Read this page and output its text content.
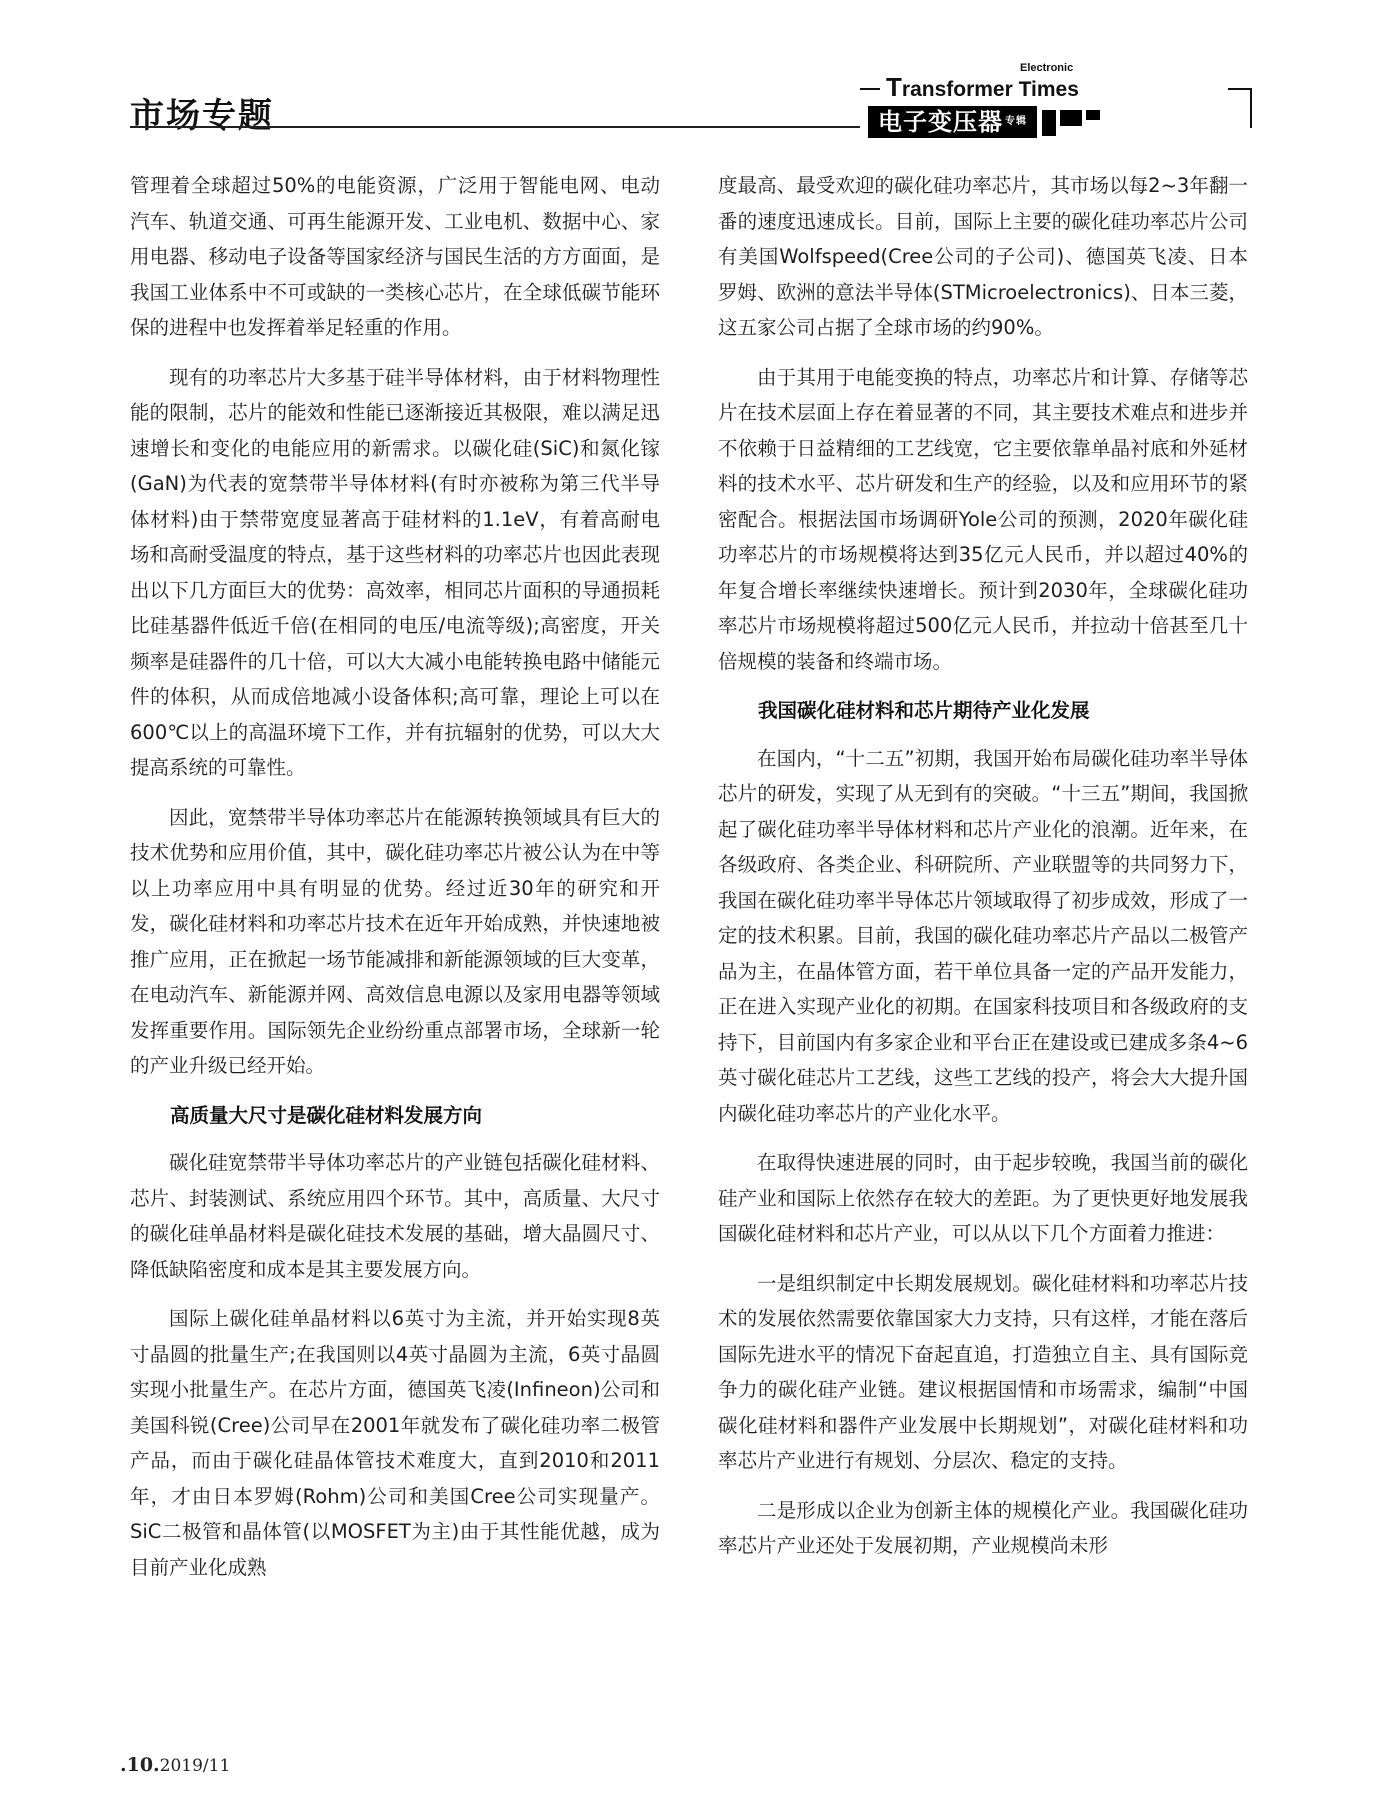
市场专题
Electronic
Transformer Times
电子变压器 $^{专辑}$

管理着全球超过50%的电能资源，广泛用于智能电网、电动汽车、轨道交通、可再生能源开发、工业电机、数据中心、家用电器、移动电子设备等国家经济与国民生活的方方面面，是我国工业体系中不可或缺的一类核心芯片，在全球低碳节能环保的进程中也发挥着举足轻重的作用。

现有的功率芯片大多基于硅半导体材料，由于材料物理性能的限制，芯片的能效和性能已逐渐接近其极限，难以满足迅速增长和变化的电能应用的新需求。以碳化硅(SiC)和氮化镓(GaN)为代表的宽禁带半导体材料(有时亦被称为第三代半导体材料)由于禁带宽度显著高于硅材料的1.1eV，有着高耐电场和高耐受温度的特点，基于这些材料的功率芯片也因此表现出以下几方面巨大的优势：高效率，相同芯片面积的导通损耗比硅基器件低近千倍(在相同的电压/电流等级);高密度，开关频率是硅器件的几十倍，可以大大减小电能转换电路中储能元件的体积，从而成倍地减小设备体积;高可靠，理论上可以在600℃以上的高温环境下工作，并有抗辐射的优势，可以大大提高系统的可靠性。

因此，宽禁带半导体功率芯片在能源转换领域具有巨大的技术优势和应用价值，其中，碳化硅功率芯片被公认为在中等以上功率应用中具有明显的优势。经过近30年的研究和开发，碳化硅材料和功率芯片技术在近年开始成熟，并快速地被推广应用，正在掀起一场节能减排和新能源领域的巨大变革，在电动汽车、新能源并网、高效信息电源以及家用电器等领域发挥重要作用。国际领先企业纷纷重点部署市场，全球新一轮的产业升级已经开始。

高质量大尺寸是碳化硅材料发展方向

碳化硅宽禁带半导体功率芯片的产业链包括碳化硅材料、芯片、封装测试、系统应用四个环节。其中，高质量、大尺寸的碳化硅单晶材料是碳化硅技术发展的基础，增大晶圆尺寸、降低缺陷密度和成本是其主要发展方向。

国际上碳化硅单晶材料以6英寸为主流，并开始实现8英寸晶圆的批量生产;在我国则以4英寸晶圆为主流，6英寸晶圆实现小批量生产。在芯片方面，德国英飞凌(Infineon)公司和美国科锐(Cree)公司早在2001年就发布了碳化硅功率二极管产品，而由于碳化硅晶体管技术难度大，直到2010和2011年，才由日本罗姆(Rohm)公司和美国Cree公司实现量产。SiC二极管和晶体管(以MOSFET为主)由于其性能优越，成为目前产业化成熟

度最高、最受欢迎的碳化硅功率芯片，其市场以每2~3年翻一番的速度迅速成长。目前，国际上主要的碳化硅功率芯片公司有美国Wolfspeed(Cree公司的子公司)、德国英飞凌、日本罗姆、欧洲的意法半导体(STMicroelectronics)、日本三菱，这五家公司占据了全球市场的约90%。

由于其用于电能变换的特点，功率芯片和计算、存储等芯片在技术层面上存在着显著的不同，其主要技术难点和进步并不依赖于日益精细的工艺线宽，它主要依靠单晶衬底和外延材料的技术水平、芯片研发和生产的经验，以及和应用环节的紧密配合。根据法国市场调研Yole公司的预测，2020年碳化硅功率芯片的市场规模将达到35亿元人民币，并以超过40%的年复合增长率继续快速增长。预计到2030年，全球碳化硅功率芯片市场规模将超过500亿元人民币，并拉动十倍甚至几十倍规模的装备和终端市场。

我国碳化硅材料和芯片期待产业化发展

在国内，“十二五”初期，我国开始布局碳化硅功率半导体芯片的研发，实现了从无到有的突破。“十三五”期间，我国掀起了碳化硅功率半导体材料和芯片产业化的浪潮。近年来，在各级政府、各类企业、科研院所、产业联盟等的共同努力下，我国在碳化硅功率半导体芯片领域取得了初步成效，形成了一定的技术积累。目前，我国的碳化硅功率芯片产品以二极管产品为主，在晶体管方面，若干单位具备一定的产品开发能力，正在进入实现产业化的初期。在国家科技项目和各级政府的支持下，目前国内有多家企业和平台正在建设或已建成多条4~6英寸碳化硅芯片工艺线，这些工艺线的投产，将会大大提升国内碳化硅功率芯片的产业化水平。

在取得快速进展的同时，由于起步较晚，我国当前的碳化硅产业和国际上依然存在较大的差距。为了更快更好地发展我国碳化硅材料和芯片产业，可以从以下几个方面着力推进：

一是组织制定中长期发展规划。碳化硅材料和功率芯片技术的发展依然需要依靠国家大力支持，只有这样，才能在落后国际先进水平的情况下奋起直追，打造独立自主、具有国际竞争力的碳化硅产业链。建议根据国情和市场需求，编制“中国碳化硅材料和器件产业发展中长期规划”，对碳化硅材料和功率芯片产业进行有规划、分层次、稳定的支持。

二是形成以企业为创新主体的规模化产业。我国碳化硅功率芯片产业还处于发展初期，产业规模尚未形

.10.2019/11
